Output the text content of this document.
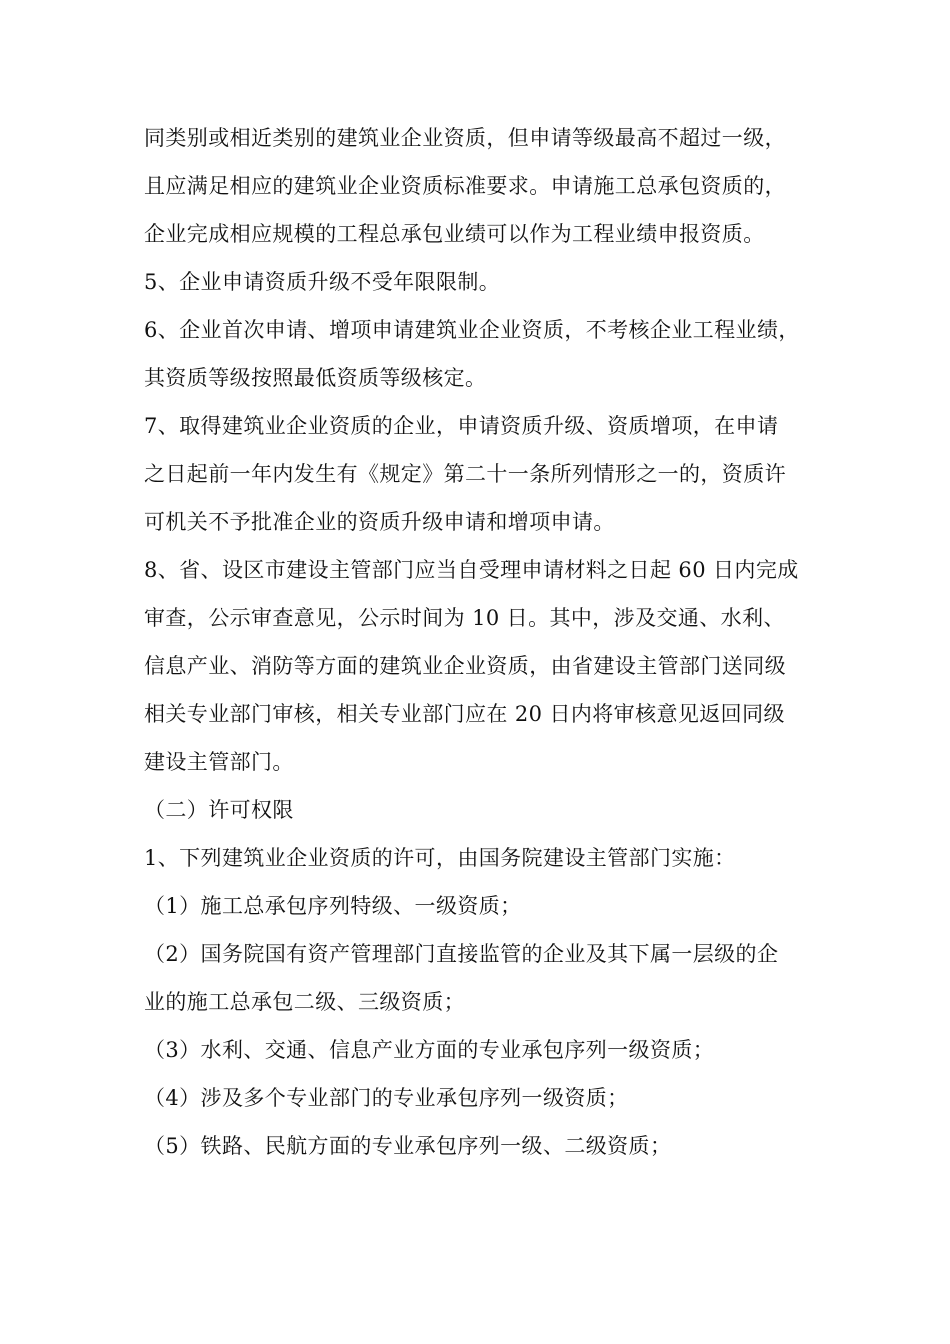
同类别或相近类别的建筑业企业资质，但申请等级最高不超过一级，
且应满足相应的建筑业企业资质标准要求。申请施工总承包资质的，
企业完成相应规模的工程总承包业绩可以作为工程业绩申报资质。
5、企业申请资质升级不受年限限制。
6、企业首次申请、增项申请建筑业企业资质，不考核企业工程业绩，
其资质等级按照最低资质等级核定。
7、取得建筑业企业资质的企业，申请资质升级、资质增项，在申请
之日起前一年内发生有《规定》第二十一条所列情形之一的，资质许
可机关不予批准企业的资质升级申请和增项申请。
8、省、设区市建设主管部门应当自受理申请材料之日起 60 日内完成
审查，公示审查意见，公示时间为 10 日。其中，涉及交通、水利、
信息产业、消防等方面的建筑业企业资质，由省建设主管部门送同级
相关专业部门审核，相关专业部门应在 20 日内将审核意见返回同级
建设主管部门。
（二）许可权限
1、下列建筑业企业资质的许可，由国务院建设主管部门实施：
（1）施工总承包序列特级、一级资质；
（2）国务院国有资产管理部门直接监管的企业及其下属一层级的企
业的施工总承包二级、三级资质；
（3）水利、交通、信息产业方面的专业承包序列一级资质；
（4）涉及多个专业部门的专业承包序列一级资质；
（5）铁路、民航方面的专业承包序列一级、二级资质；
